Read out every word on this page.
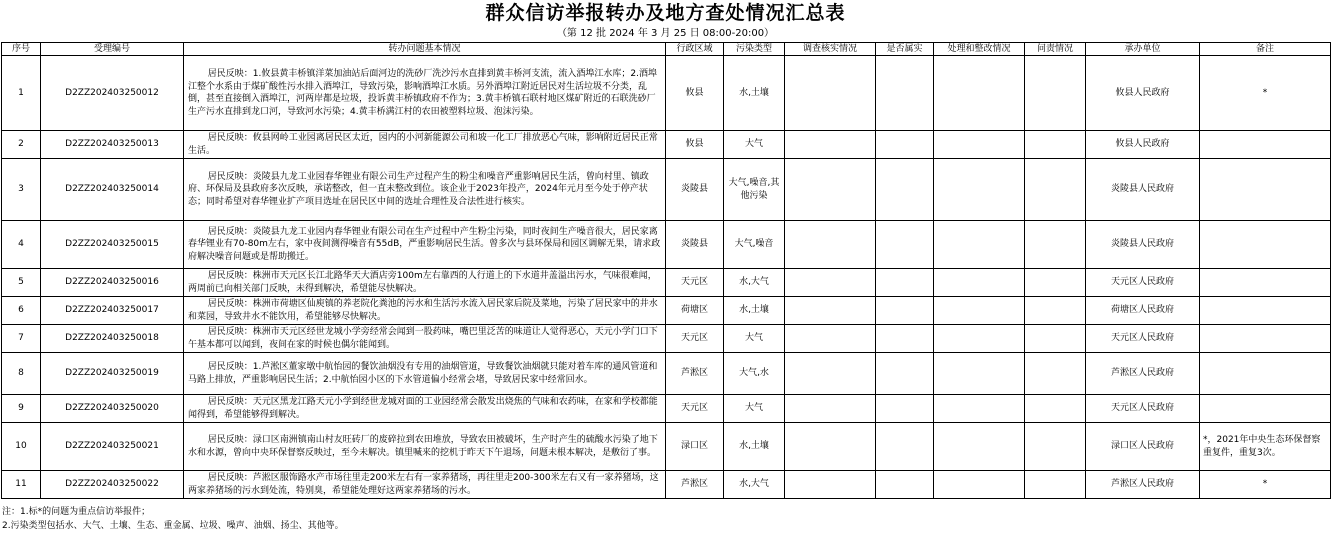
群众信访举报转办及地方查处情况汇总表
（第 12 批 2024 年 3 月 25 日 08:00-20:00）
序号	受理编号	转办问题基本情况	行政区域	污染类型	调查核实情况	是否属实	处理和整改情况	问责情况	承办单位	备注
1	D2ZZ202403250012	居民反映：1.攸县黄丰桥镇洋菜加油站后面河边的洗砂厂洗沙污水直排到黄丰桥河支流，流入酒埠江水库；2.酒埠江整个水系由于煤矿酸性污水排入酒埠江，导致污染，影响酒埠江水质。另外酒埠江附近居民对生活垃圾不分类，乱倒，甚至直接倒入酒埠江，河两岸都是垃圾，投诉黄丰桥镇政府不作为；3.黄丰桥镇石联村地区煤矿附近的石联洗砂厂生产污水直排到龙口河，导致河水污染；4.黄丰桥满江村的农田被塑料垃圾、泡沫污染。	攸县	水,土壤					攸县人民政府	*
2	D2ZZ202403250013	居民反映：攸县网岭工业园离居民区太近，园内的小河新能源公司和坡一化工厂排放恶心气味，影响附近居民正常生活。	攸县	大气					攸县人民政府	
3	D2ZZ202403250014	居民反映：炎陵县九龙工业园春华锂业有限公司生产过程产生的粉尘和噪音严重影响居民生活，曾向村里、镇政府、环保局及县政府多次反映，承诺整改，但一直未整改到位。该企业于2023年投产，2024年元月至今处于停产状态；同时希望对春华锂业扩产项目选址在居民区中间的选址合理性及合法性进行核实。	炎陵县	大气,噪音,其他污染					炎陵县人民政府	
4	D2ZZ202403250015	居民反映：炎陵县九龙工业园内春华锂业有限公司在生产过程中产生粉尘污染，同时夜间生产噪音很大，居民家离春华锂业有70-80m左右，家中夜间测得噪音有55dB，严重影响居民生活。曾多次与县环保局和园区调解无果，请求政府解决噪音问题或是帮助搬迁。	炎陵县	大气,噪音					炎陵县人民政府	
5	D2ZZ202403250016	居民反映：株洲市天元区长江北路华天大酒店旁100m左右靠西的人行道上的下水道井盖溢出污水，气味很难闻，两周前已向相关部门反映，未得到解决，希望能尽快解决。	天元区	水,大气					天元区人民政府	
6	D2ZZ202403250017	居民反映：株洲市荷塘区仙庾镇的养老院化粪池的污水和生活污水流入居民家后院及菜地，污染了居民家中的井水和菜园，导致井水不能饮用，希望能够尽快解决。	荷塘区	水,土壤					荷塘区人民政府	
7	D2ZZ202403250018	居民反映：株洲市天元区经世龙城小学旁经常会闻到一股药味，嘴巴里泛苦的味道让人觉得恶心，天元小学门口下午基本都可以闻到，夜间在家的时候也偶尔能闻到。	天元区	大气					天元区人民政府	
8	D2ZZ202403250019	居民反映：1.芦淞区董家墩中航怡园的餐饮油烟没有专用的油烟管道，导致餐饮油烟就只能对着车库的通风管道和马路上排放，严重影响居民生活；2.中航怡园小区的下水管道偏小经常会堵，导致居民家中经常回水。	芦淞区	大气,水					芦淞区人民政府	
9	D2ZZ202403250020	居民反映：天元区黑龙江路天元小学到经世龙城对面的工业园经常会散发出烧焦的气味和农药味，在家和学校都能闻得到，希望能够得到解决。	天元区	大气					天元区人民政府	
10	D2ZZ202403250021	居民反映：渌口区南洲镇南山村友旺砖厂的废碎拉到农田堆放，导致农田被破坏，生产时产生的硫酸水污染了地下水和水源，曾向中央环保督察反映过，至今未解决。镇里喊来的挖机于昨天下午退场，问题未根本解决，是敷衍了事。	渌口区	水,土壤					渌口区人民政府	*，2021年中央生态环保督察重复件，重复3次。
11	D2ZZ202403250022	居民反映：芦淞区服饰路水产市场往里走200米左右有一家养猪场，再往里走200-300米左右又有一家养猪场，这两家养猪场的污水到处流，特别臭，希望能处理好这两家养猪场的污水。	芦淞区	水,大气					芦淞区人民政府	*
注：1.标*的问题为重点信访举报件；
2.污染类型包括水、大气、土壤、生态、重金属、垃圾、噪声、油烟、扬尘、其他等。
